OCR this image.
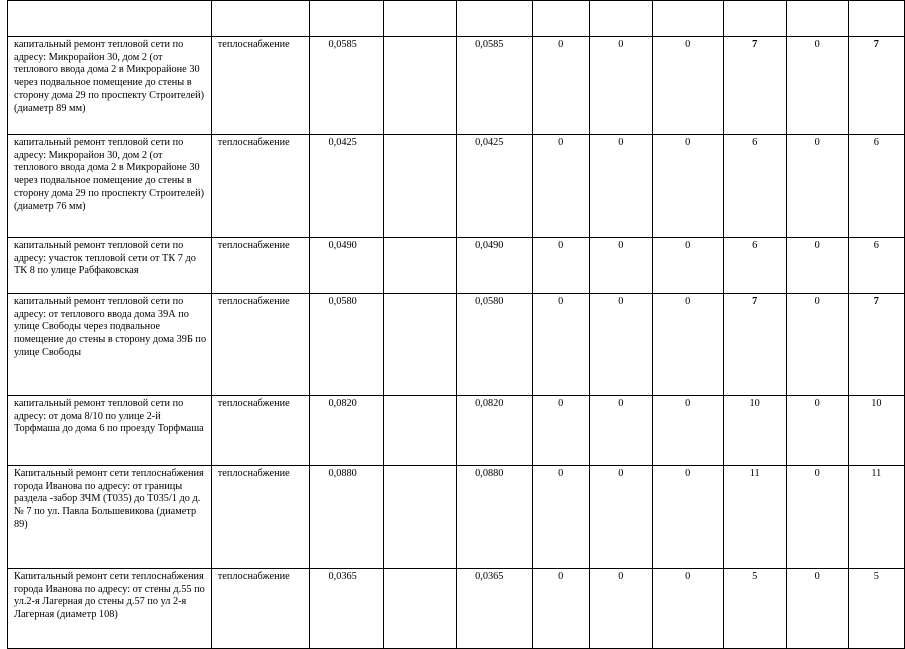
капитальный ремонт тепловой сети по адресу: Микрорайон 30, дом 2 (от теплового ввода дома 2 в Микрорайоне 30 через подвальное помещение до стены в сторону дома 29 по проспекту Строителей) (диаметр 89 мм)	теплоснабжение	0,0585		0,0585	0	0	0	7	0	7
капитальный ремонт тепловой сети по адресу: Микрорайон 30, дом 2 (от теплового ввода дома 2 в Микрорайоне 30 через подвальное помещение до стены в сторону дома 29 по проспекту Строителей) (диаметр 76 мм)	теплоснабжение	0,0425		0,0425	0	0	0	6	0	6
капитальный ремонт тепловой сети по адресу: участок тепловой сети от ТК 7 до ТК 8 по улице Рабфаковская	теплоснабжение	0,0490		0,0490	0	0	0	6	0	6
капитальный ремонт тепловой сети по адресу: от теплового ввода дома 39А по улице Свободы через подвальное помещение до стены в сторону дома 39Б по улице Свободы	теплоснабжение	0,0580		0,0580	0	0	0	7	0	7
капитальный ремонт тепловой сети по адресу: от дома 8/10 по улице 2-й Торфмаша до дома 6 по проезду Торфмаша	теплоснабжение	0,0820		0,0820	0	0	0	10	0	10
Капитальный ремонт сети теплоснабжения города Иванова по адресу: от границы раздела -забор ЗЧМ (Т035) до Т035/1 до д.№ 7 по ул. Павла Большевикова (диаметр 89)	теплоснабжение	0,0880		0,0880	0	0	0	11	0	11
Капитальный ремонт сети теплоснабжения города Иванова по адресу: от стены д.55 по ул.2-я Лагерная до стены д.57 по ул 2-я Лагерная (диаметр 108)	теплоснабжение	0,0365		0,0365	0	0	0	5	0	5
